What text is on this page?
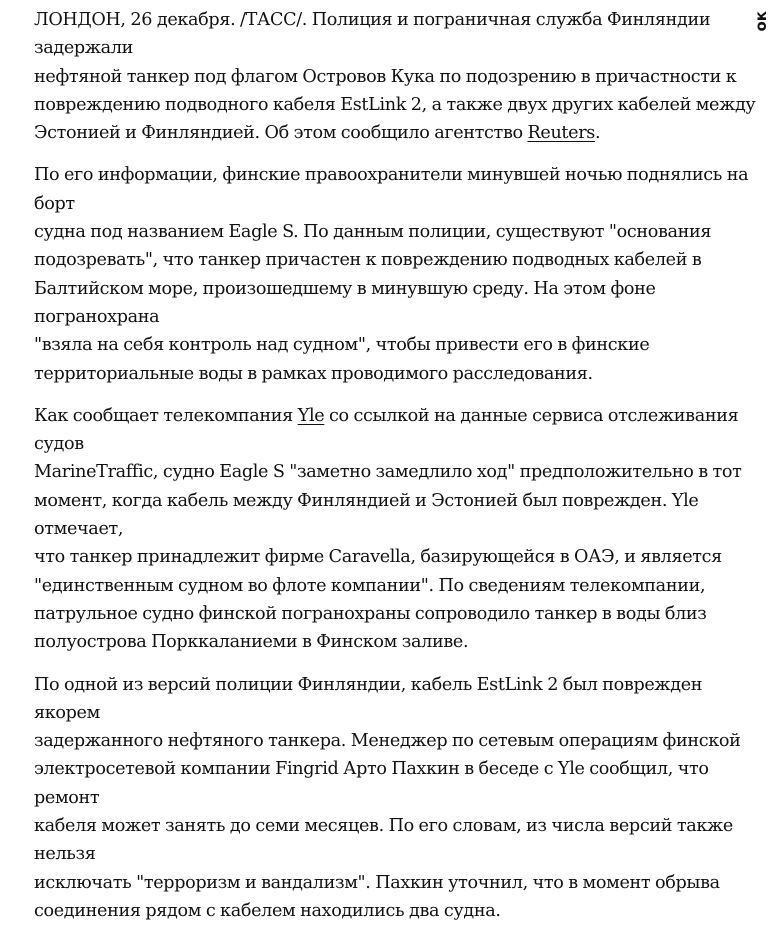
ЛОНДОН, 26 декабря. /ТАСС/. Полиция и пограничная служба Финляндии задержали
нефтяной танкер под флагом Островов Кука по подозрению в причастности к
повреждению подводного кабеля EstLink 2, а также двух других кабелей между
Эстонией и Финляндией. Об этом сообщило агентство Reuters.

По его информации, финские правоохранители минувшей ночью поднялись на борт
судна под названием Eagle S. По данным полиции, существуют "основания
подозревать", что танкер причастен к повреждению подводных кабелей в
Балтийском море, произошедшему в минувшую среду. На этом фоне погранохрана
"взяла на себя контроль над судном", чтобы привести его в финские
территориальные воды в рамках проводимого расследования.

Как сообщает телекомпания Yle со ссылкой на данные сервиса отслеживания судов
MarineTraffic, судно Eagle S "заметно замедлило ход" предположительно в тот
момент, когда кабель между Финляндией и Эстонией был поврежден. Yle отмечает,
что танкер принадлежит фирме Caravella, базирующейся в ОАЭ, и является
"единственным судном во флоте компании". По сведениям телекомпании,
патрульное судно финской погранохраны сопроводило танкер в воды близ
полуострова Порккаланиеми в Финском заливе.

По одной из версий полиции Финляндии, кабель EstLink 2 был поврежден якорем
задержанного нефтяного танкера. Менеджер по сетевым операциям финской
электросетевой компании Fingrid Арто Пахкин в беседе с Yle сообщил, что ремонт
кабеля может занять до семи месяцев. По его словам, из числа версий также нельзя
исключать "терроризм и вандализм". Пахкин уточнил, что в момент обрыва
соединения рядом с кабелем находились два судна.

ок
